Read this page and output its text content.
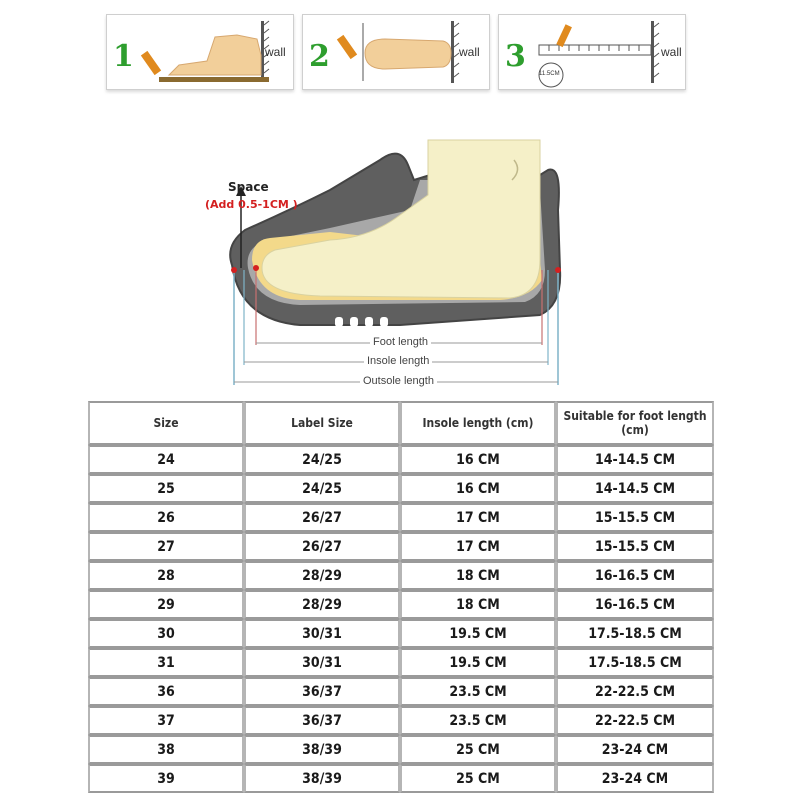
1	wall 2	wall 3	wall
11.5CM
Space
(Add 0.5-1CM )
Foot length
Insole length
Outsole length
Size	Label Size	Insole length (cm)	Suitable for foot length (cm)
24	24/25	16 CM	14-14.5 CM
25	24/25	16 CM	14-14.5 CM
26	26/27	17 CM	15-15.5 CM
27	26/27	17 CM	15-15.5 CM
28	28/29	18 CM	16-16.5 CM
29	28/29	18 CM	16-16.5 CM
30	30/31	19.5 CM	17.5-18.5 CM
31	30/31	19.5 CM	17.5-18.5 CM
36	36/37	23.5 CM	22-22.5 CM
37	36/37	23.5 CM	22-22.5 CM
38	38/39	25 CM	23-24 CM
39	38/39	25 CM	23-24 CM
